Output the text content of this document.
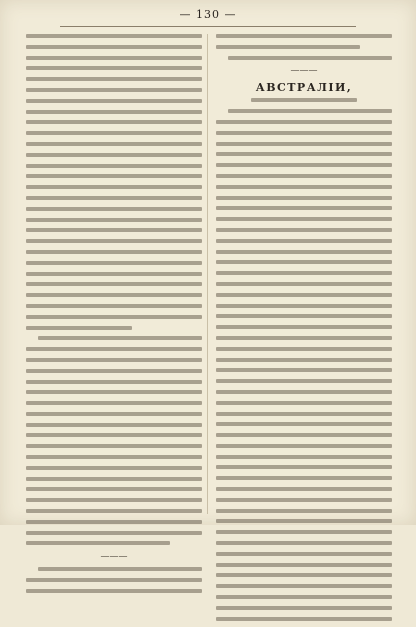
— 130 —
———
———
АВСТРАЛІИ,
